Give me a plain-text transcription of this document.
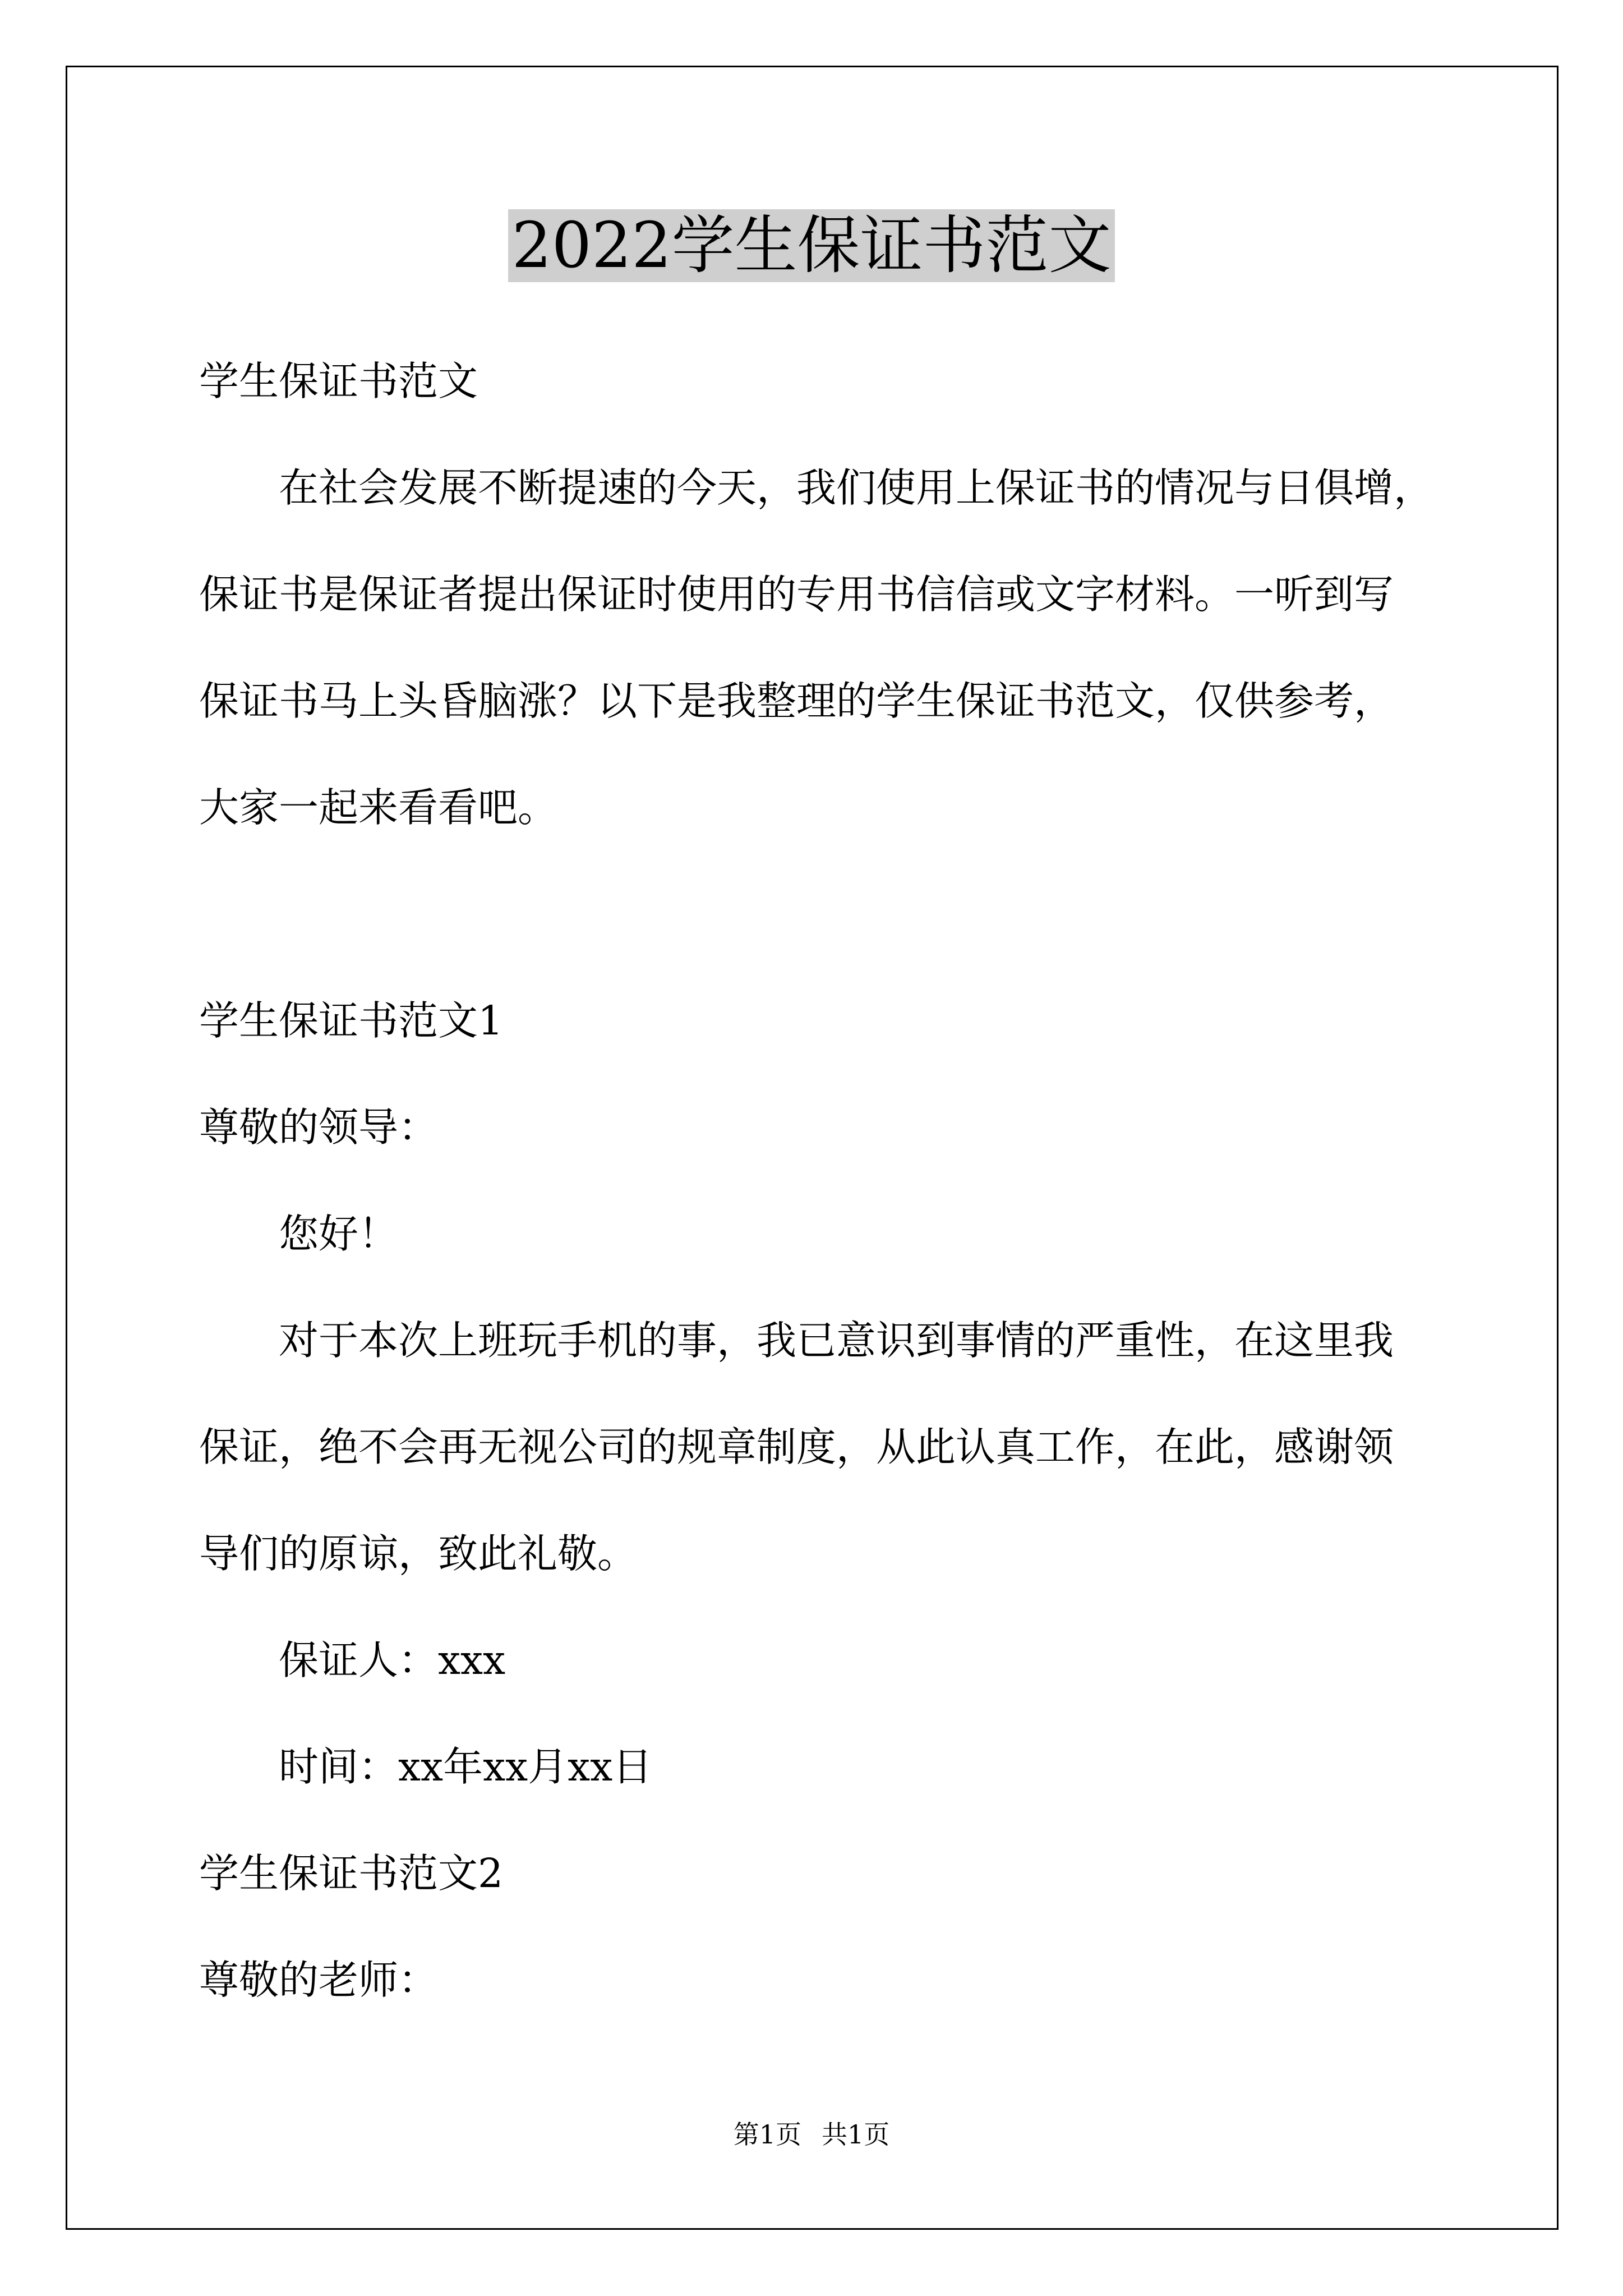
2022学生保证书范文
学生保证书范文
在社会发展不断提速的今天，我们使用上保证书的情况与日俱增，
保证书是保证者提出保证时使用的专用书信信或文字材料。一听到写
保证书马上头昏脑涨？以下是我整理的学生保证书范文，仅供参考，
大家一起来看看吧。
学生保证书范文1
尊敬的领导：
您好！
对于本次上班玩手机的事，我已意识到事情的严重性，在这里我
保证，绝不会再无视公司的规章制度，从此认真工作，在此，感谢领
导们的原谅，致此礼敬。
保证人：xxx
时间：xx年xx月xx日
学生保证书范文2
尊敬的老师：
第1页 共1页
